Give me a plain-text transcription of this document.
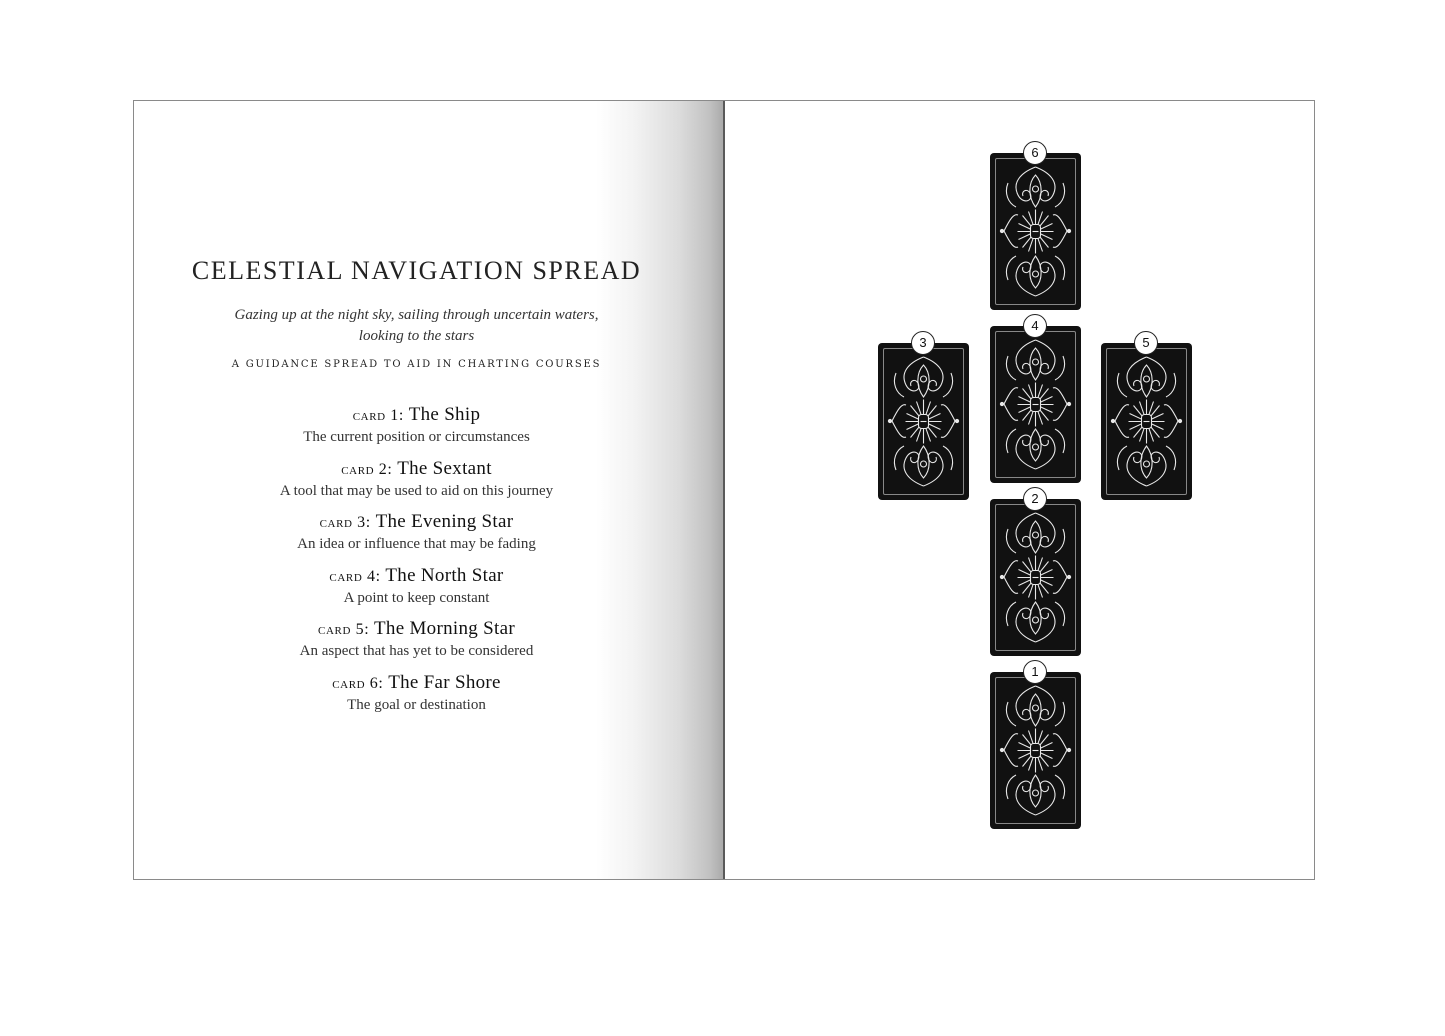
CELESTIAL NAVIGATION SPREAD
Gazing up at the night sky, sailing through uncertain waters,
looking to the stars
A GUIDANCE SPREAD TO AID IN CHARTING COURSES
card 1: The Ship
The current position or circumstances
card 2: The Sextant
A tool that may be used to aid on this journey
card 3: The Evening Star
An idea or influence that may be fading
card 4: The North Star
A point to keep constant
card 5: The Morning Star
An aspect that has yet to be considered
card 6: The Far Shore
The goal or destination
6
3
4
5
2
1
